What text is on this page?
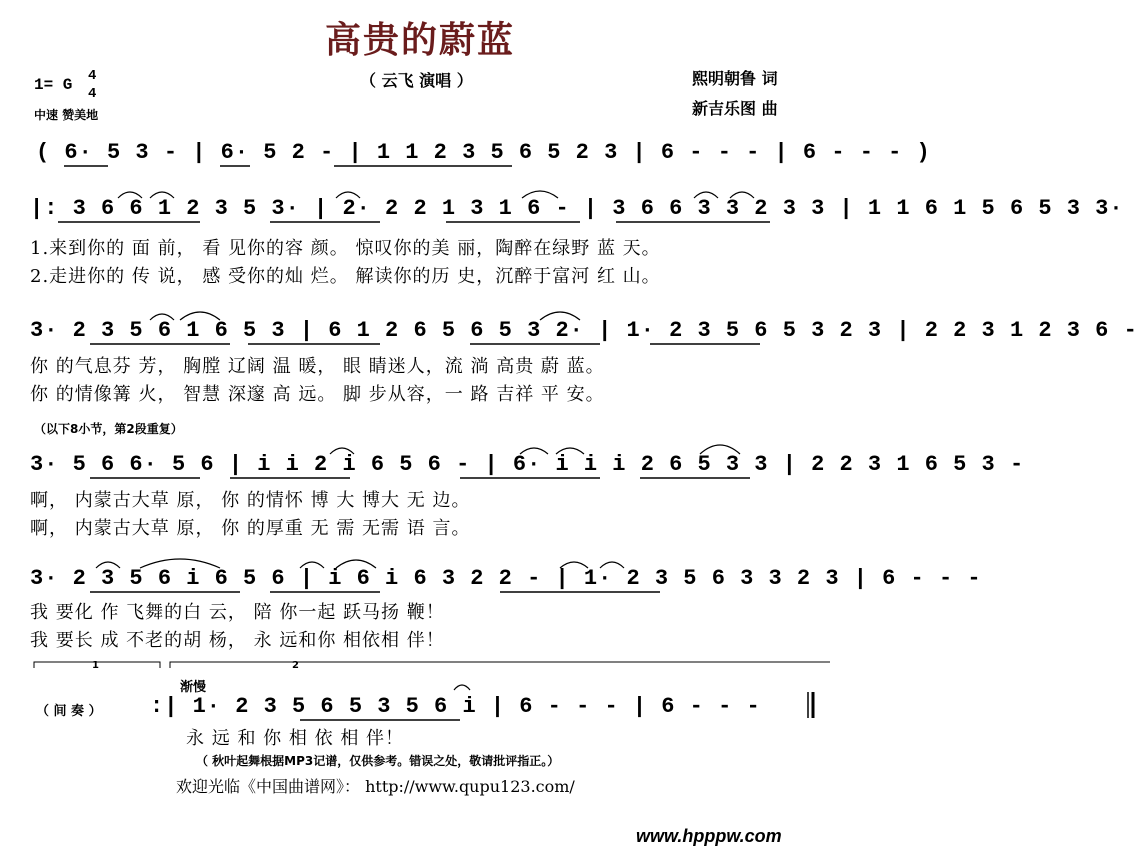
高贵的蔚蓝
（ 云飞 演唱 ）	熙明朝鲁 词
新吉乐图 曲
1= G 4
4
中速 赞美地
( 6· 5 3 - | 6· 5 2 - | 1 1 2 3 5 6 5 2 3 | 6 - - - | 6 - - - )
|: 3 6 6 1 2 3 5 3· | 2· 2 2 1 3 1 6 - | 3 6 6 3 3 2 3 3 | 1 1 6 1 5 6 5 3 3·
1.来到你的 面 前， 看 见你的容 颜。 惊叹你的美 丽，陶醉在绿野 蓝 天。
2.走进你的 传 说， 感 受你的灿 烂。 解读你的历 史，沉醉于富河 红 山。
3· 2 3 5 6 1 6 5 3 | 6 1 2 6 5 6 5 3 2· | 1· 2 3 5 6 5 3 2 3 | 2 2 3 1 2 3 6 -
你 的气息芬 芳， 胸膛 辽阔 温 暖， 眼 睛迷人，流 淌 高贵 蔚 蓝。
你 的情像篝 火， 智慧 深邃 高 远。 脚 步从容，一 路 吉祥 平 安。
（以下8小节，第2段重复）
3· 5 6 6· 5 6 | i i 2 i 6 5 6 - | 6· i i i 2 6 5 3 3 | 2 2 3 1 6 5 3 -
啊， 内蒙古大草 原， 你 的情怀 博 大 博大 无 边。
啊， 内蒙古大草 原， 你 的厚重 无 需 无需 语 言。
3· 2 3 5 6 i 6 5 6 | i 6 i 6 3 2 2 - | 1· 2 3 5 6 3 3 2 3 | 6 - - -
我 要化 作 飞舞的白 云， 陪 你一起 跃马扬 鞭！
我 要长 成 不老的胡 杨， 永 远和你 相依相 伴！
1	2
渐慢
（ 间 奏 ） :| 1· 2 3 5 6 5 3 5 6 i | 6 - - - | 6 - - -
永 远 和 你 相 依 相 伴！
（ 秋叶起舞根据MP3记谱，仅供参考。错误之处，敬请批评指正。）
欢迎光临《中国曲谱网》： http://www.qupu123.com/
www.hpppw.com
